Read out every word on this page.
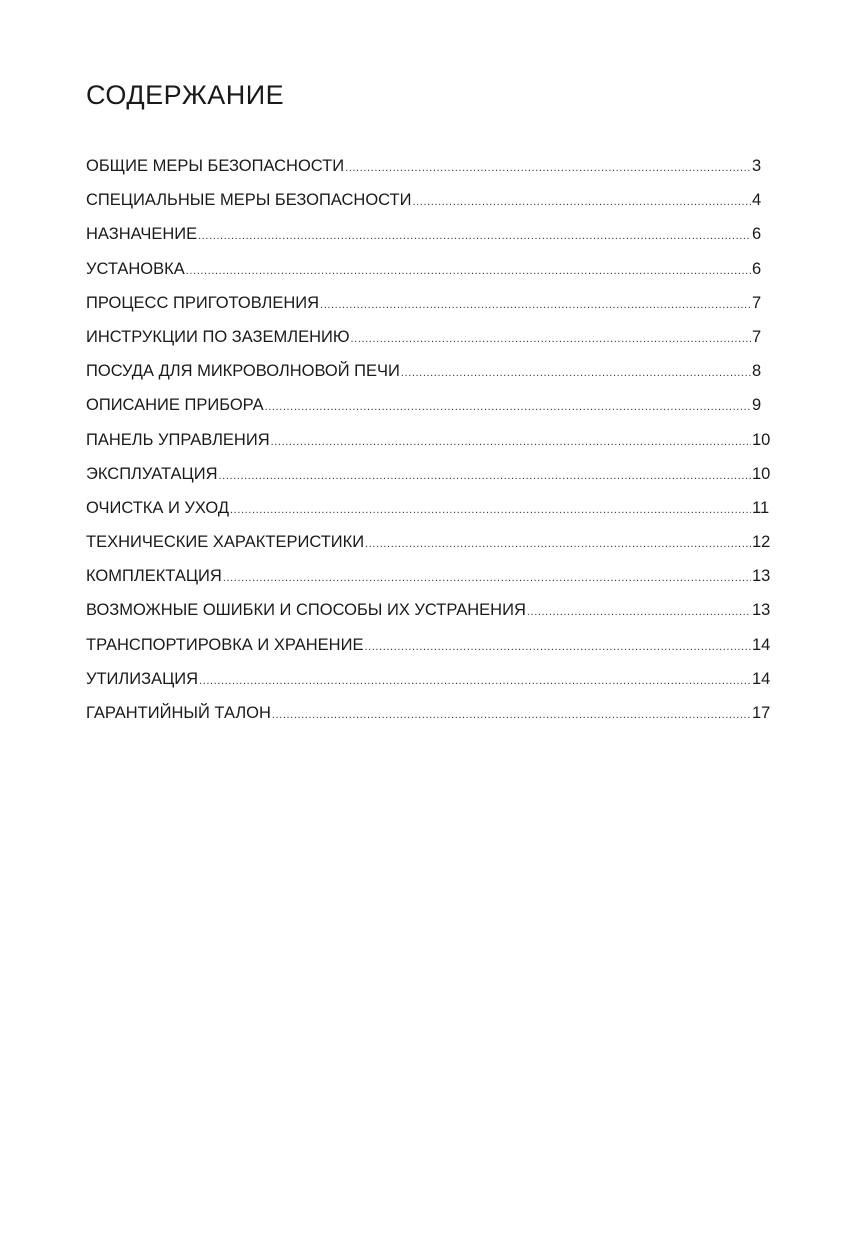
СОДЕРЖАНИЕ
ОБЩИЕ МЕРЫ БЕЗОПАСНОСТИ .....	3
СПЕЦИАЛЬНЫЕ МЕРЫ БЕЗОПАСНОСТИ .....	4
НАЗНАЧЕНИЕ .....	6
УСТАНОВКА .....	6
ПРОЦЕСС ПРИГОТОВЛЕНИЯ .....	7
ИНСТРУКЦИИ ПО ЗАЗЕМЛЕНИЮ .....	7
ПОСУДА ДЛЯ МИКРОВОЛНОВОЙ ПЕЧИ .....	8
ОПИСАНИЕ ПРИБОРА .....	9
ПАНЕЛЬ УПРАВЛЕНИЯ .....	10
ЭКСПЛУАТАЦИЯ .....	10
ОЧИСТКА И УХОД .....	11
ТЕХНИЧЕСКИЕ ХАРАКТЕРИСТИКИ .....	12
КОМПЛЕКТАЦИЯ .....	13
ВОЗМОЖНЫЕ ОШИБКИ И СПОСОБЫ ИХ УСТРАНЕНИЯ .....	13
ТРАНСПОРТИРОВКА И ХРАНЕНИЕ .....	14
УТИЛИЗАЦИЯ .....	14
ГАРАНТИЙНЫЙ ТАЛОН .....	17
